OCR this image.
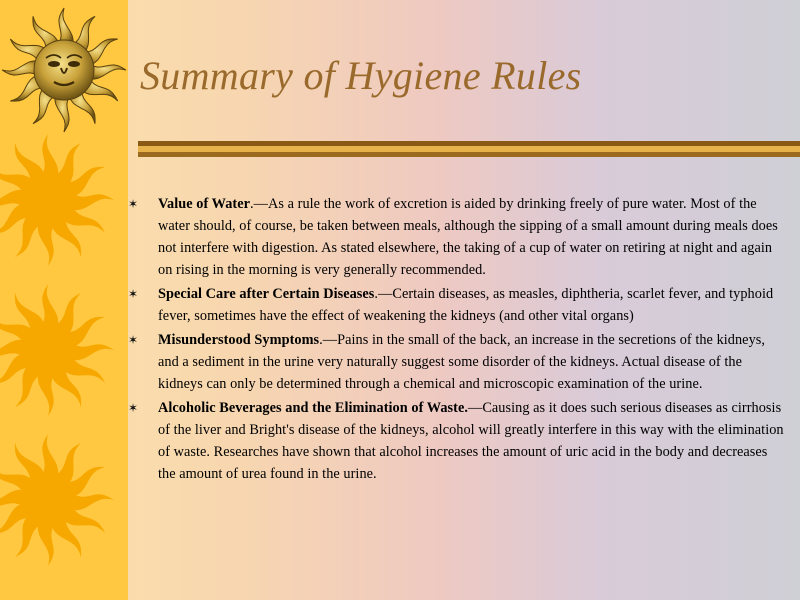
Summary of Hygiene Rules
✶ Value of Water.—As a rule the work of excretion is aided by drinking freely of pure water. Most of the water should, of course, be taken between meals, although the sipping of a small amount during meals does not interfere with digestion. As stated elsewhere, the taking of a cup of water on retiring at night and again on rising in the morning is very generally recommended.
✶ Special Care after Certain Diseases.—Certain diseases, as measles, diphtheria, scarlet fever, and typhoid fever, sometimes have the effect of weakening the kidneys (and other vital organs)
✶ Misunderstood Symptoms.—Pains in the small of the back, an increase in the secretions of the kidneys, and a sediment in the urine very naturally suggest some disorder of the kidneys. Actual disease of the kidneys can only be determined through a chemical and microscopic examination of the urine.
✶ Alcoholic Beverages and the Elimination of Waste.—Causing as it does such serious diseases as cirrhosis of the liver and Bright's disease of the kidneys, alcohol will greatly interfere in this way with the elimination of waste. Researches have shown that alcohol increases the amount of uric acid in the body and decreases the amount of urea found in the urine.
